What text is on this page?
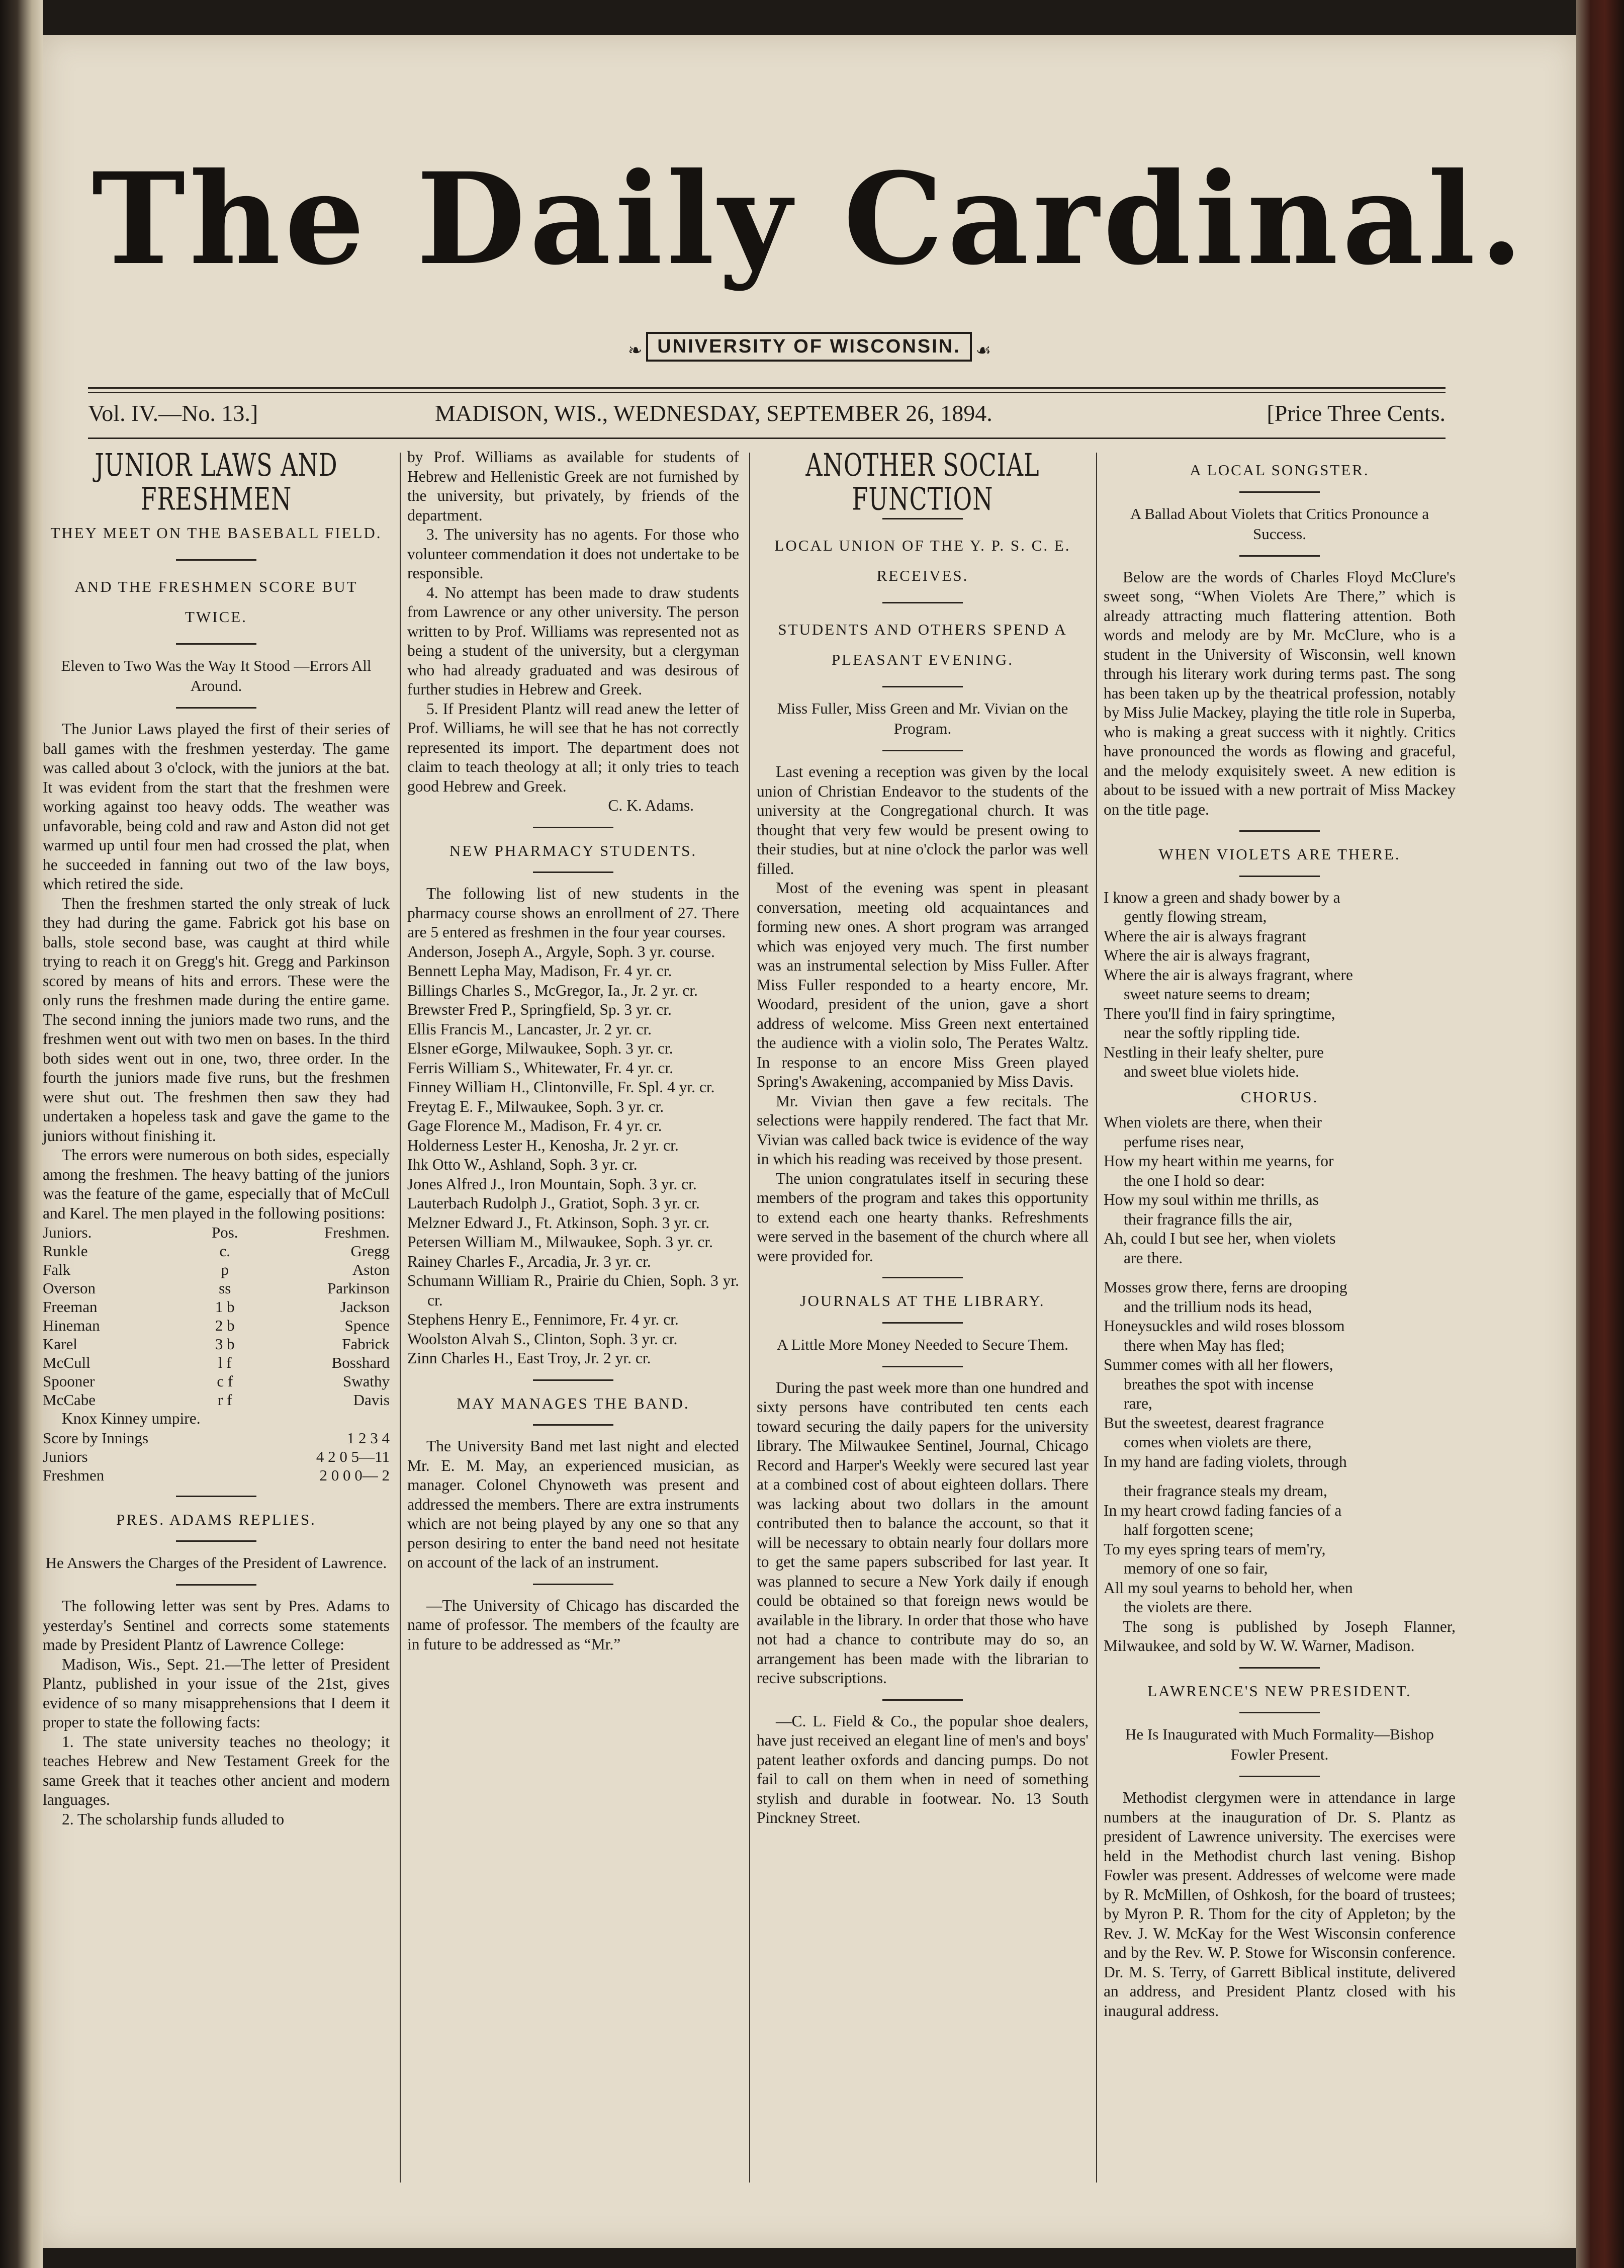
The Daily Cardinal.
❧ UNIVERSITY OF WISCONSIN. ☙
Vol. IV.—No. 13.]	MADISON, WIS., WEDNESDAY, SEPTEMBER 26, 1894.	[Price Three Cents.
JUNIOR LAWS AND FRESHMEN
THEY MEET ON THE BASEBALL FIELD.
AND THE FRESHMEN SCORE BUT TWICE.
Eleven to Two Was the Way It Stood —Errors All Around.

The Junior Laws played the first of their series of ball games with the freshmen yesterday. The game was called about 3 o'clock, with the juniors at the bat. It was evident from the start that the freshmen were working against too heavy odds. The weather was unfavorable, being cold and raw and Aston did not get warmed up until four men had crossed the plat, when he succeeded in fanning out two of the law boys, which retired the side.

Then the freshmen started the only streak of luck they had during the game. Fabrick got his base on balls, stole second base, was caught at third while trying to reach it on Gregg's hit. Gregg and Parkinson scored by means of hits and errors. These were the only runs the freshmen made during the entire game. The second inning the juniors made two runs, and the freshmen went out with two men on bases. In the third both sides went out in one, two, three order. In the fourth the juniors made five runs, but the freshmen were shut out. The freshmen then saw they had undertaken a hopeless task and gave the game to the juniors without finishing it.

The errors were numerous on both sides, especially among the freshmen. The heavy batting of the juniors was the feature of the game, especially that of McCull and Karel. The men played in the following positions:

Juniors.	Pos.	Freshmen.
Runkle	c.	Gregg
Falk	p	Aston
Overson	ss	Parkinson
Freeman	1 b	Jackson
Hineman	2 b	Spence
Karel	3 b	Fabrick
McCull	l f	Bosshard
Spooner	c f	Swathy
McCabe	r f	Davis

Knox Kinney umpire.

Score by Innings	1 2 3 4
Juniors	4 2 0 5—11
Freshmen	2 0 0 0— 2
PRES. ADAMS REPLIES.
He Answers the Charges of the President of Lawrence.

The following letter was sent by Pres. Adams to yesterday's Sentinel and corrects some statements made by President Plantz of Lawrence College:

Madison, Wis., Sept. 21.—The letter of President Plantz, published in your issue of the 21st, gives evidence of so many misapprehensions that I deem it proper to state the following facts:

1. The state university teaches no theology; it teaches Hebrew and New Testament Greek for the same Greek that it teaches other ancient and modern languages.

2. The scholarship funds alluded to

by Prof. Williams as available for students of Hebrew and Hellenistic Greek are not furnished by the university, but privately, by friends of the department.

3. The university has no agents. For those who volunteer commendation it does not undertake to be responsible.

4. No attempt has been made to draw students from Lawrence or any other university. The person written to by Prof. Williams was represented not as being a student of the university, but a clergyman who had already graduated and was desirous of further studies in Hebrew and Greek.

5. If President Plantz will read anew the letter of Prof. Williams, he will see that he has not correctly represented its import. The department does not claim to teach theology at all; it only tries to teach good Hebrew and Greek.

C. K. Adams.

NEW PHARMACY STUDENTS.

The following list of new students in the pharmacy course shows an enrollment of 27. There are 5 entered as freshmen in the four year courses.

Anderson, Joseph A., Argyle, Soph. 3 yr. course.

Bennett Lepha May, Madison, Fr. 4 yr. cr.

Billings Charles S., McGregor, Ia., Jr. 2 yr. cr.

Brewster Fred P., Springfield, Sp. 3 yr. cr.

Ellis Francis M., Lancaster, Jr. 2 yr. cr.

Elsner eGorge, Milwaukee, Soph. 3 yr. cr.

Ferris William S., Whitewater, Fr. 4 yr. cr.

Finney William H., Clintonville, Fr. Spl. 4 yr. cr.

Freytag E. F., Milwaukee, Soph. 3 yr. cr.

Gage Florence M., Madison, Fr. 4 yr. cr.

Holderness Lester H., Kenosha, Jr. 2 yr. cr.

Ihk Otto W., Ashland, Soph. 3 yr. cr.

Jones Alfred J., Iron Mountain, Soph. 3 yr. cr.

Lauterbach Rudolph J., Gratiot, Soph. 3 yr. cr.

Melzner Edward J., Ft. Atkinson, Soph. 3 yr. cr.

Petersen William M., Milwaukee, Soph. 3 yr. cr.

Rainey Charles F., Arcadia, Jr. 3 yr. cr.

Schumann William R., Prairie du Chien, Soph. 3 yr. cr.

Stephens Henry E., Fennimore, Fr. 4 yr. cr.

Woolston Alvah S., Clinton, Soph. 3 yr. cr.

Zinn Charles H., East Troy, Jr. 2 yr. cr.

MAY MANAGES THE BAND.

The University Band met last night and elected Mr. E. M. May, an experienced musician, as manager. Colonel Chynoweth was present and addressed the members. There are extra instruments which are not being played by any one so that any person desiring to enter the band need not hesitate on account of the lack of an instrument.

—The University of Chicago has discarded the name of professor. The members of the fcaulty are in future to be addressed as “Mr.”

ANOTHER SOCIAL FUNCTION
LOCAL UNION OF THE Y. P. S. C. E. RECEIVES.
STUDENTS AND OTHERS SPEND A PLEASANT EVENING.
Miss Fuller, Miss Green and Mr. Vivian on the Program.

Last evening a reception was given by the local union of Christian Endeavor to the students of the university at the Congregational church. It was thought that very few would be present owing to their studies, but at nine o'clock the parlor was well filled.

Most of the evening was spent in pleasant conversation, meeting old acquaintances and forming new ones. A short program was arranged which was enjoyed very much. The first number was an instrumental selection by Miss Fuller. After Miss Fuller responded to a hearty encore, Mr. Woodard, president of the union, gave a short address of welcome. Miss Green next entertained the audience with a violin solo, The Perates Waltz. In response to an encore Miss Green played Spring's Awakening, accompanied by Miss Davis.

Mr. Vivian then gave a few recitals. The selections were happily rendered. The fact that Mr. Vivian was called back twice is evidence of the way in which his reading was received by those present.

The union congratulates itself in securing these members of the program and takes this opportunity to extend each one hearty thanks. Refreshments were served in the basement of the church where all were provided for.

JOURNALS AT THE LIBRARY.
A Little More Money Needed to Secure Them.

During the past week more than one hundred and sixty persons have contributed ten cents each toward securing the daily papers for the university library. The Milwaukee Sentinel, Journal, Chicago Record and Harper's Weekly were secured last year at a combined cost of about eighteen dollars. There was lacking about two dollars in the amount contributed then to balance the account, so that it will be necessary to obtain nearly four dollars more to get the same papers subscribed for last year. It was planned to secure a New York daily if enough could be obtained so that foreign news would be available in the library. In order that those who have not had a chance to contribute may do so, an arrangement has been made with the librarian to recive subscriptions.

—C. L. Field & Co., the popular shoe dealers, have just received an elegant line of men's and boys' patent leather oxfords and dancing pumps. Do not fail to call on them when in need of something stylish and durable in footwear. No. 13 South Pinckney Street.

A LOCAL SONGSTER.
A Ballad About Violets that Critics Pronounce a Success.

Below are the words of Charles Floyd McClure's sweet song, “When Violets Are There,” which is already attracting much flattering attention. Both words and melody are by Mr. McClure, who is a student in the University of Wisconsin, well known through his literary work during terms past. The song has been taken up by the theatrical profession, notably by Miss Julie Mackey, playing the title role in Superba, who is making a great success with it nightly. Critics have pronounced the words as flowing and graceful, and the melody exquisitely sweet. A new edition is about to be issued with a new portrait of Miss Mackey on the title page.

WHEN VIOLETS ARE THERE.

I know a green and shady bower by a

gently flowing stream,

Where the air is always fragrant

Where the air is always fragrant,

Where the air is always fragrant, where

sweet nature seems to dream;

There you'll find in fairy springtime,

near the softly rippling tide.

Nestling in their leafy shelter, pure

and sweet blue violets hide.

CHORUS.

When violets are there, when their

perfume rises near,

How my heart within me yearns, for

the one I hold so dear:

How my soul within me thrills, as

their fragrance fills the air,

Ah, could I but see her, when violets

are there.

Mosses grow there, ferns are drooping

and the trillium nods its head,

Honeysuckles and wild roses blossom

there when May has fled;

Summer comes with all her flowers,

breathes the spot with incense

rare,

But the sweetest, dearest fragrance

comes when violets are there,

In my hand are fading violets, through

their fragrance steals my dream,

In my heart crowd fading fancies of a

half forgotten scene;

To my eyes spring tears of mem'ry,

memory of one so fair,

All my soul yearns to behold her, when

the violets are there.

The song is published by Joseph Flanner, Milwaukee, and sold by W. W. Warner, Madison.

LAWRENCE'S NEW PRESIDENT.
He Is Inaugurated with Much Formality—Bishop Fowler Present.

Methodist clergymen were in attendance in large numbers at the inauguration of Dr. S. Plantz as president of Lawrence university. The exercises were held in the Methodist church last vening. Bishop Fowler was present. Addresses of welcome were made by R. McMillen, of Oshkosh, for the board of trustees; by Myron P. R. Thom for the city of Appleton; by the Rev. J. W. McKay for the West Wisconsin conference and by the Rev. W. P. Stowe for Wisconsin conference. Dr. M. S. Terry, of Garrett Biblical institute, delivered an address, and President Plantz closed with his inaugural address.
